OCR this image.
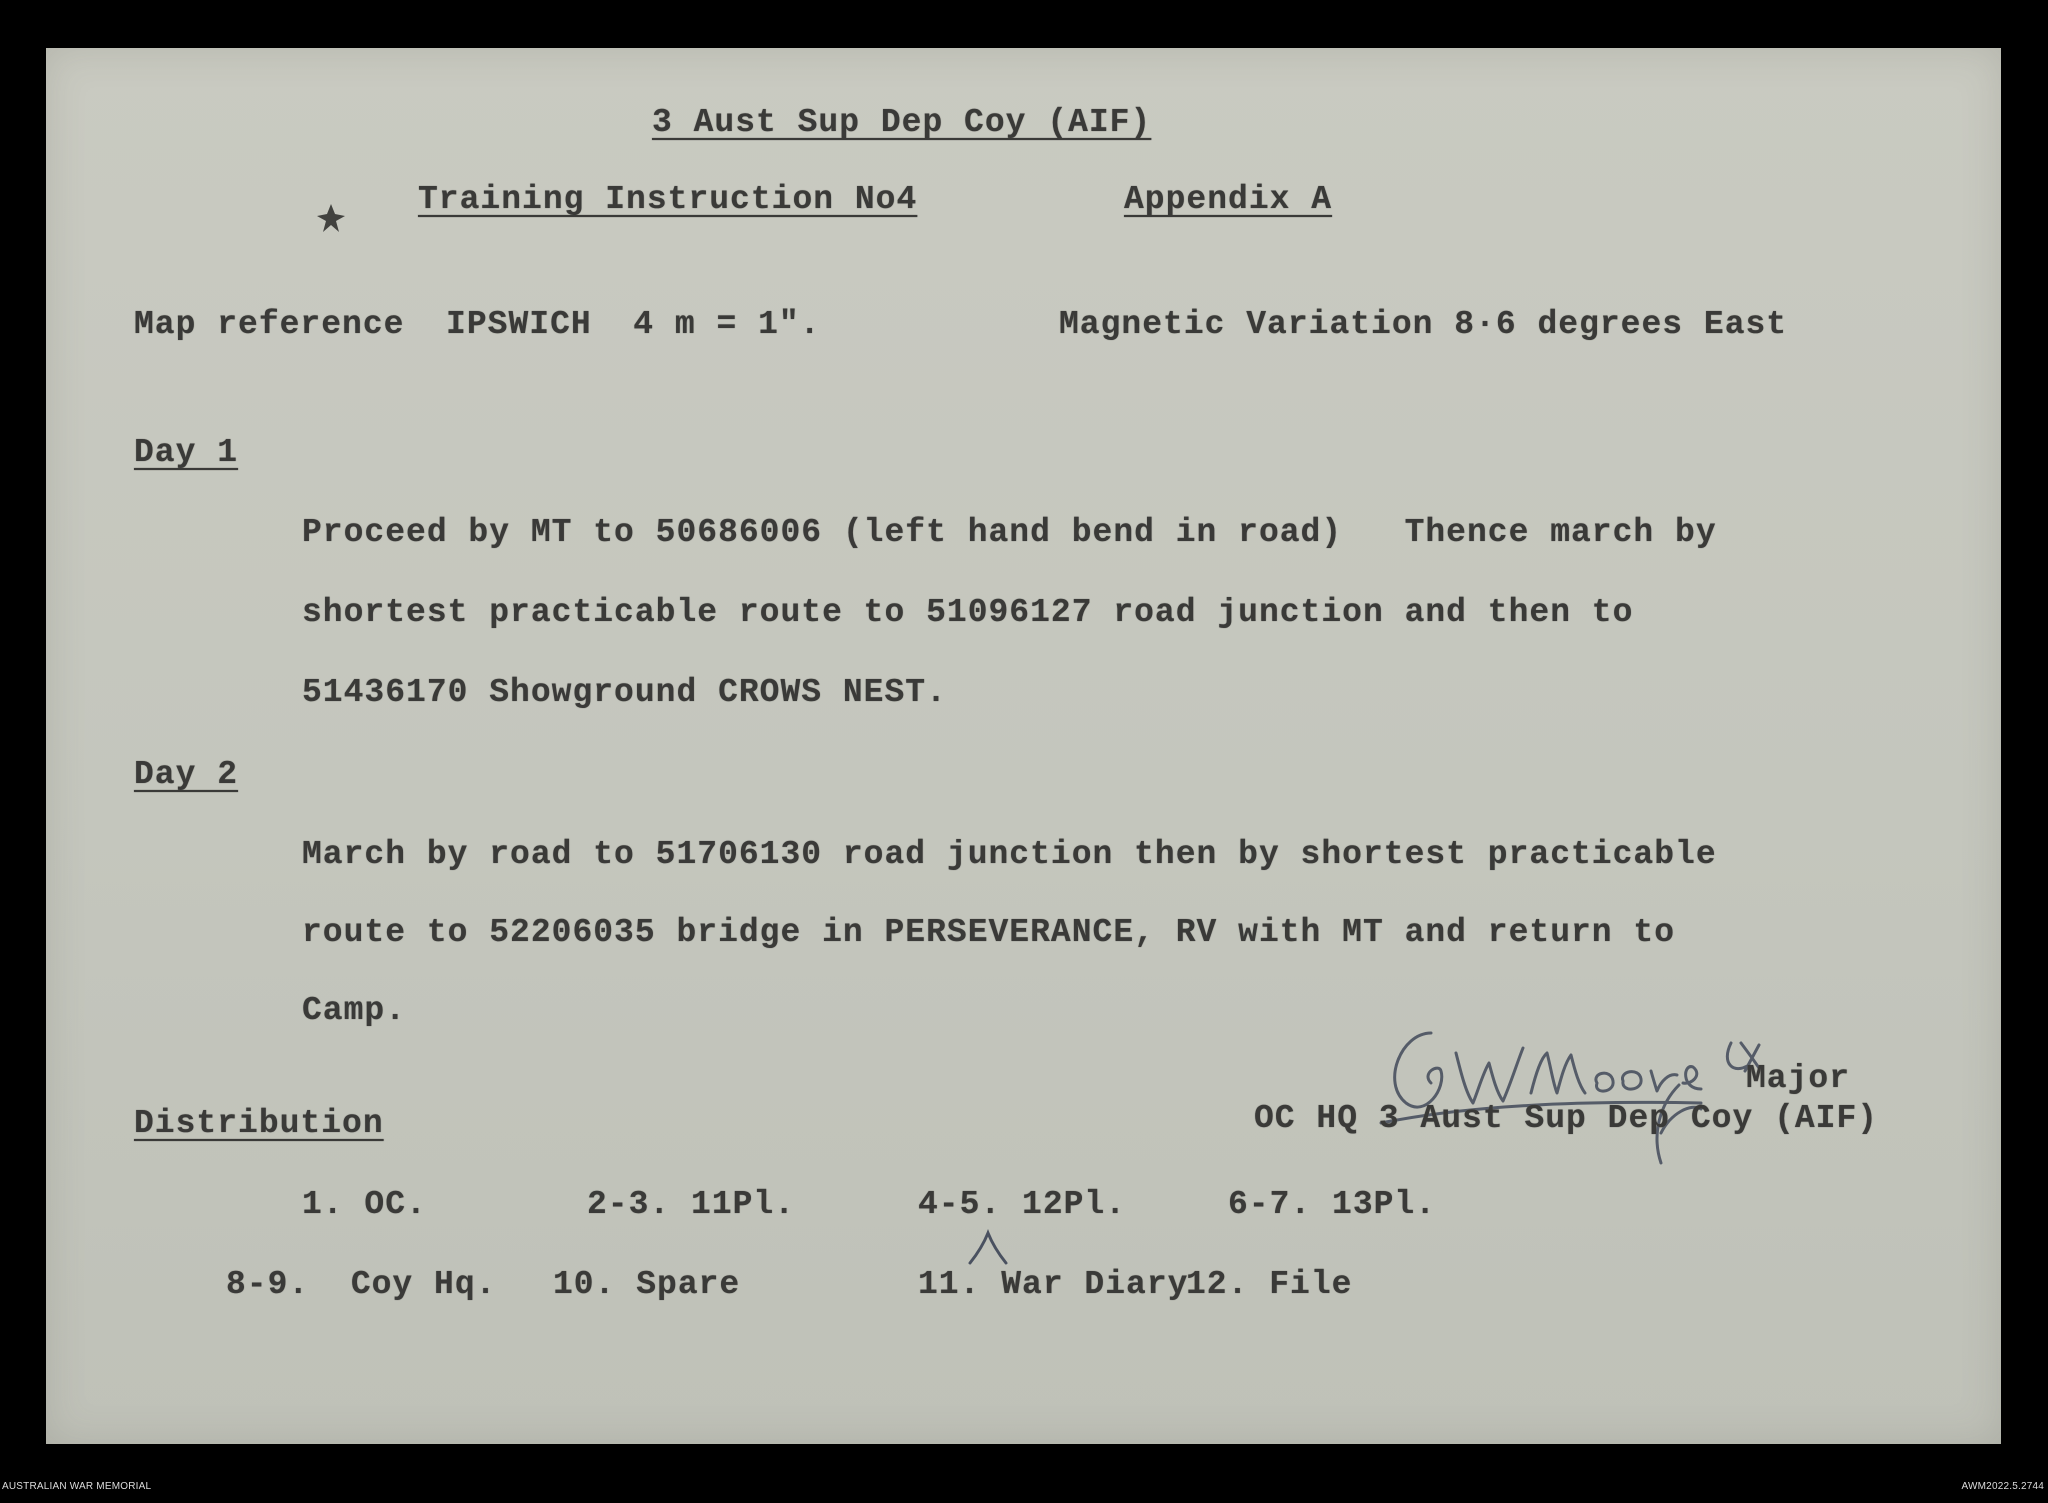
3 Aust Sup Dep Coy (AIF)
Training Instruction No4	Appendix A
Map reference  IPSWICH  4 m = 1".	Magnetic Variation 8·6 degrees East
Day 1
Proceed by MT to 50686006 (left hand bend in road)   Thence march by
shortest practicable route to 51096127 road junction and then to
51436170 Showground CROWS NEST.
Day 2
March by road to 51706130 road junction then by shortest practicable
route to 52206035 bridge in PERSEVERANCE, RV with MT and return to
Camp.
Major
OC HQ 3 Aust Sup Dep Coy (AIF)
Distribution
1. OC.	2-3. 11Pl.	4-5. 12Pl.	6-7. 13Pl.
8-9.  Coy Hq. 10. Spare	11. War Diary
12. File
AUSTRALIAN WAR MEMORIAL	AWM2022.5.2744
